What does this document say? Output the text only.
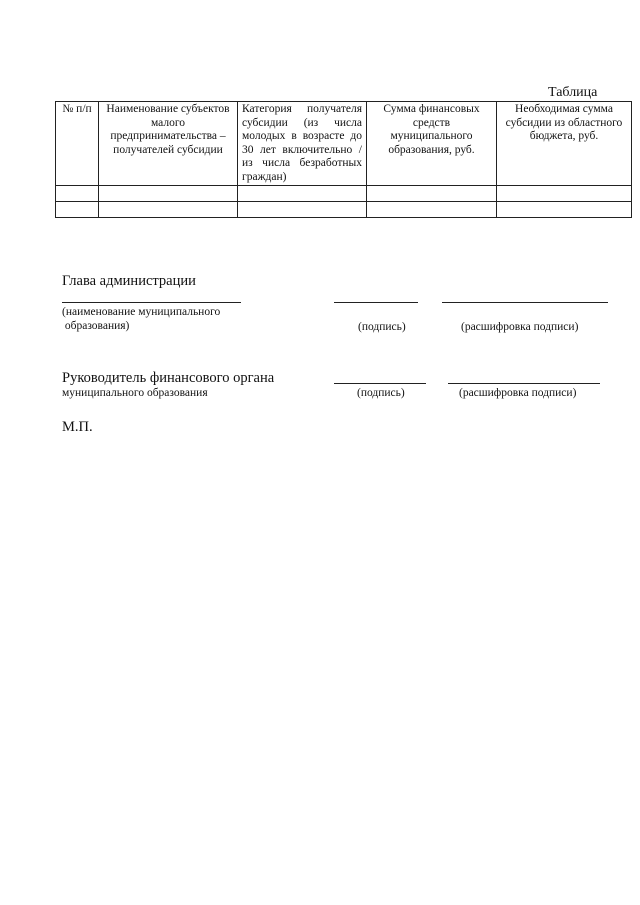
Таблица
№ п/п	Наименование субъектов малого предпринимательства – получателей субсидии	Категория получателя субсидии (из числа молодых в возрасте до 30 лет включительно / из числа безработных граждан)	Сумма финансовых средств муниципального образования, руб.	Необходимая сумма субсидии из областного бюджета, руб.

Глава администрации
(наименование муниципального
образования)	(подпись)	(расшифровка подписи)
Руководитель финансового органа
муниципального образования	(подпись)	(расшифровка подписи)
М.П.
